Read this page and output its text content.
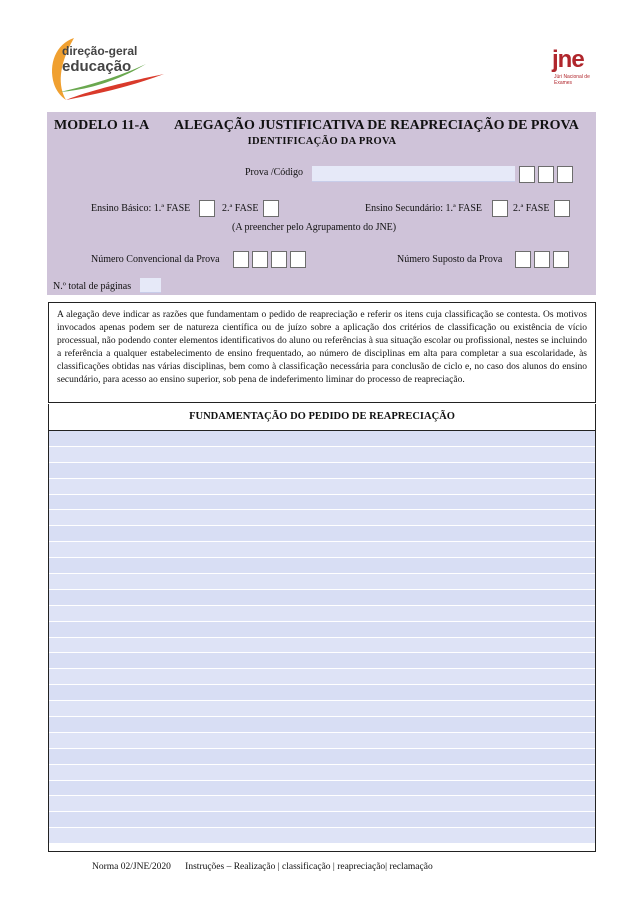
direção-geral
educação	jne
Júri Nacional de Exames
MODELO 11-A ALEGAÇÃO JUSTIFICATIVA DE REAPRECIAÇÃO DE PROVA
IDENTIFICAÇÃO DA PROVA
Prova /Código
Ensino Básico: 1.ª FASE	2.ª FASE	Ensino Secundário: 1.ª FASE	2.ª FASE
(A preencher pelo Agrupamento do JNE)
Número Convencional da Prova	Número Suposto da Prova
N.º total de páginas

A alegação deve indicar as razões que fundamentam o pedido de reapreciação e referir os itens cuja classificação se contesta. Os motivos invocados apenas podem ser de natureza científica ou de juízo sobre a aplicação dos critérios de classificação ou existência de vício processual, não podendo conter elementos identificativos do aluno ou referências à sua situação escolar ou profissional, nestes se incluindo a referência a qualquer estabelecimento de ensino frequentado, ao número de disciplinas em alta para completar a sua escolaridade, às classificações obtidas nas várias disciplinas, bem como à classificação necessária para conclusão de ciclo e, no caso dos alunos do ensino secundário, para acesso ao ensino superior, sob pena de indeferimento liminar do processo de reapreciação.

FUNDAMENTAÇÃO DO PEDIDO DE REAPRECIAÇÃO
Norma 02/JNE/2020 Instruções – Realização | classificação | reapreciação| reclamação
